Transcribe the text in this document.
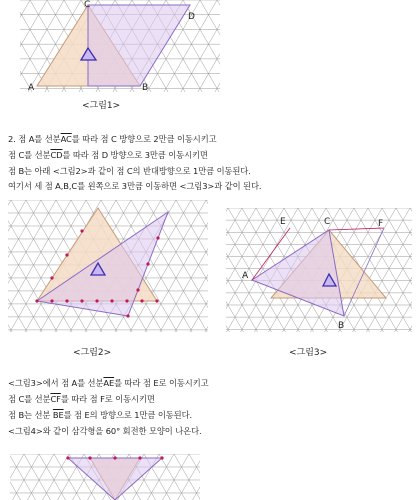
A	B
C
D
<그림1>
2. 점 A를 선분$\overline{AC}$를 따라 점 C 방향으로 2만큼 이동시키고
점 C를 선분$\overline{CD}$를 따라 점 D 방향으로 3만큼 이동시키면
점 B는 아래 <그림2>과 같이 점 C의 반대방향으로 1만큼 이동된다.
여기서 세 점 A,B,C를 왼쪽으로 3만큼 이동하면 <그림3>과 같이 된다.
<그림2>
E	C	F
A
B
<그림3>
<그림3>에서 점 A를 선분$\overline{AE}$를 따라 점 E로 이동시키고
점 C를 선분$\overline{CF}$를 따라 점 F로 이동시키면
점 B는 선분 $\overline{BE}$를 점 E의 방향으로 1만큼 이동된다.
<그림4>와 같이 삼각형을 60° 회전한 모양이 나온다.
